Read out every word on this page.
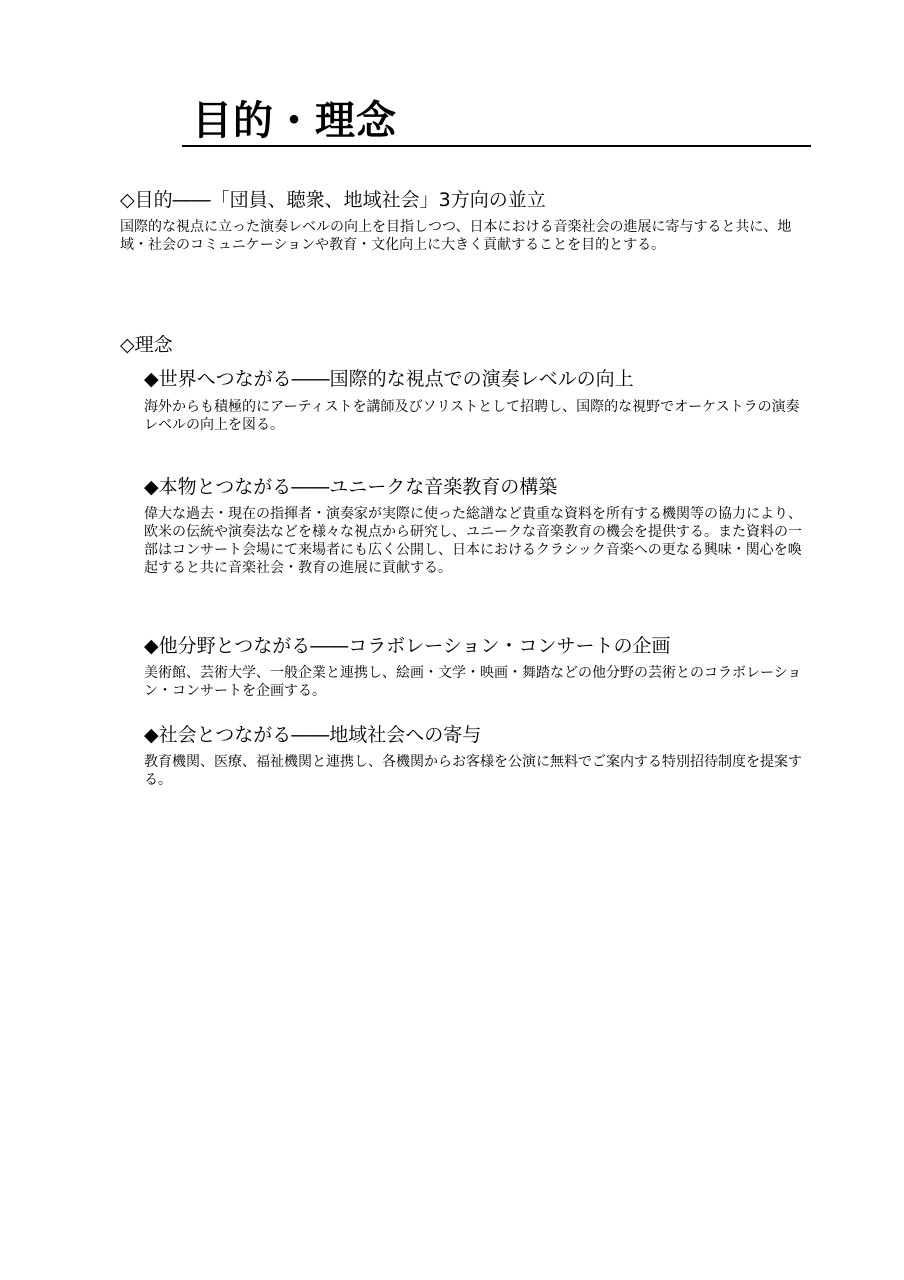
目的・理念
◇目的――「団員、聴衆、地域社会」3方向の並立

国際的な視点に立った演奏レベルの向上を目指しつつ、日本における音楽社会の進展に寄与すると共に、地域・社会のコミュニケーションや教育・文化向上に大きく貢献することを目的とする。

◇理念
◆世界へつながる――国際的な視点での演奏レベルの向上

海外からも積極的にアーティストを講師及びソリストとして招聘し、国際的な視野でオーケストラの演奏レベルの向上を図る。

◆本物とつながる――ユニークな音楽教育の構築

偉大な過去・現在の指揮者・演奏家が実際に使った総譜など貴重な資料を所有する機関等の協力により、欧米の伝統や演奏法などを様々な視点から研究し、ユニークな音楽教育の機会を提供する。また資料の一部はコンサート会場にて来場者にも広く公開し、日本におけるクラシック音楽への更なる興味・関心を喚起すると共に音楽社会・教育の進展に貢献する。

◆他分野とつながる――コラボレーション・コンサートの企画

美術館、芸術大学、一般企業と連携し、絵画・文学・映画・舞踏などの他分野の芸術とのコラボレーション・コンサートを企画する。

◆社会とつながる――地域社会への寄与

教育機関、医療、福祉機関と連携し、各機関からお客様を公演に無料でご案内する特別招待制度を提案する。
